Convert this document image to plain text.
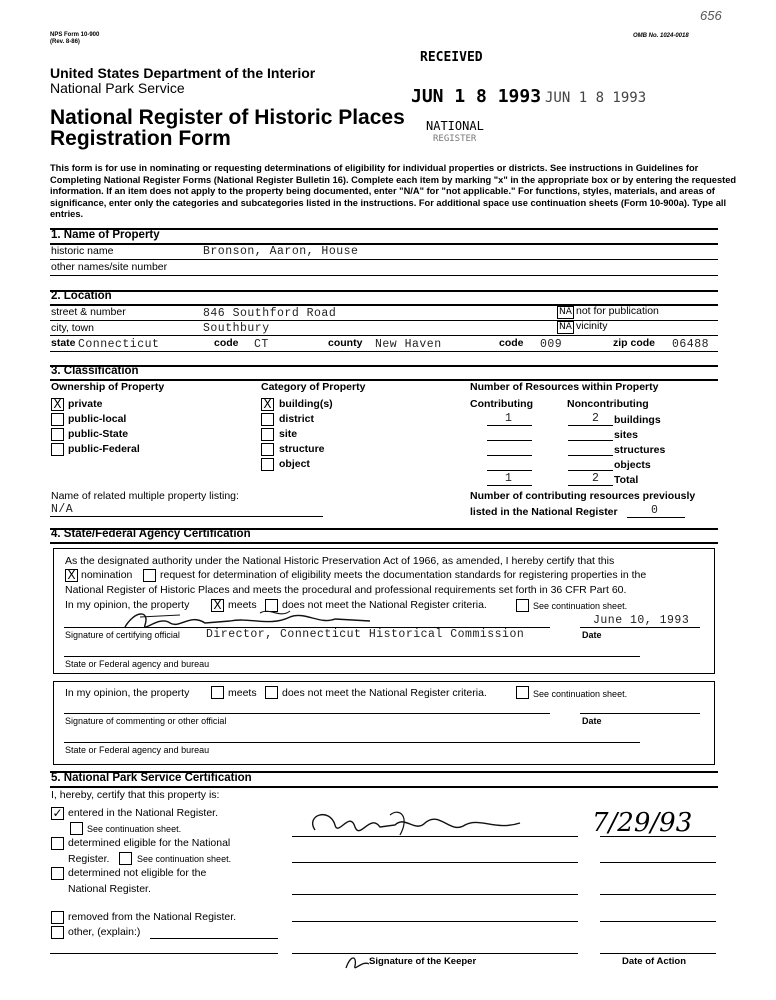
NPS Form 10-900
(Rev. 8-86)
OMB No. 1024-0018
656
RECEIVED
JUN 1 8 1993 JUN 1 8 1993
NATIONAL
REGISTER
United States Department of the Interior
National Park Service
National Register of Historic Places
Registration Form
This form is for use in nominating or requesting determinations of eligibility for individual properties or districts. See instructions in Guidelines for Completing National Register Forms (National Register Bulletin 16). Complete each item by marking "x" in the appropriate box or by entering the requested information. If an item does not apply to the property being documented, enter "N/A" for "not applicable." For functions, styles, materials, and areas of significance, enter only the categories and subcategories listed in the instructions. For additional space use continuation sheets (Form 10-900a). Type all entries.
1. Name of Property
historic name	Bronson, Aaron, House
other names/site number
2. Location
street & number	846 Southford Road	NA not for publication
city, town	Southbury	NA vicinity
state Connecticut	code CT	county New Haven	code 009	zip code 06488
3. Classification
Ownership of Property	Category of Property	Number of Resources within Property
X private
public-local
public-State
public-Federal
X building(s)
district
site
structure
object
Contributing	Noncontributing
1	2 buildings
sites
structures
objects
1	2 Total
Name of related multiple property listing:
N/A
Number of contributing resources previously
listed in the National Register	0
4. State/Federal Agency Certification
As the designated authority under the National Historic Preservation Act of 1966, as amended, I hereby certify that this
X nomination	request for determination of eligibility meets the documentation standards for registering properties in the
National Register of Historic Places and meets the procedural and professional requirements set forth in 36 CFR Part 60.
In my opinion, the property X meets does not meet the National Register criteria.	See continuation sheet.
June 10, 1993
Signature of certifying official Director, Connecticut Historical Commission	Date
State or Federal agency and bureau
In my opinion, the property	meets does not meet the National Register criteria.	See continuation sheet.
Signature of commenting or other official	Date
State or Federal agency and bureau
5. National Park Service Certification
I, hereby, certify that this property is:
✓ entered in the National Register.
See continuation sheet.
determined eligible for the National
Register.	See continuation sheet.
determined not eligible for the
National Register.
removed from the National Register.
other, (explain:)
7/29/93
Signature of the Keeper	Date of Action
